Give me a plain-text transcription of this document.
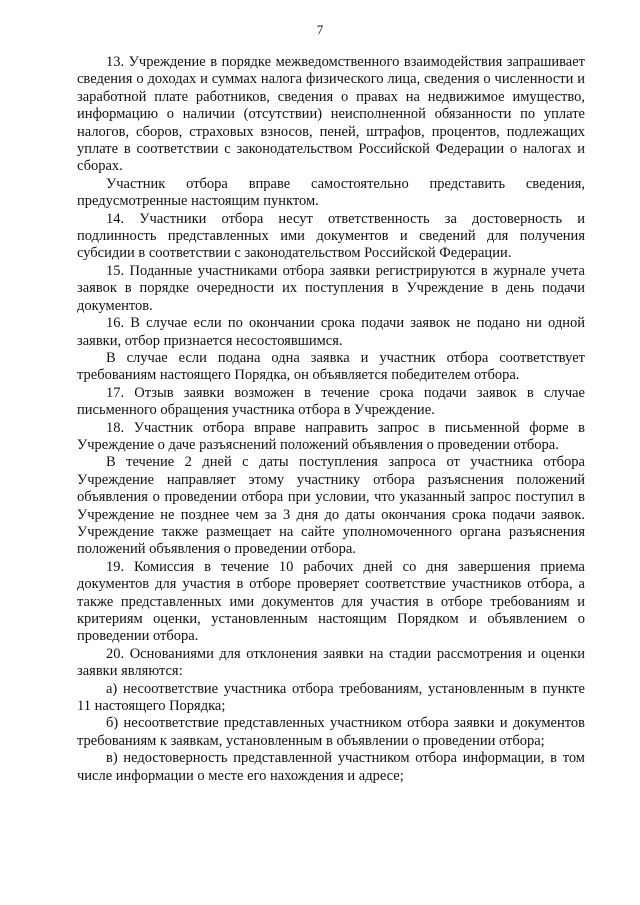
7

13. Учреждение в порядке межведомственного взаимодействия запрашивает сведения о доходах и суммах налога физического лица, сведения о численности и заработной плате работников, сведения о правах на недвижимое имущество, информацию о наличии (отсутствии) неисполненной обязанности по уплате налогов, сборов, страховых взносов, пеней, штрафов, процентов, подлежащих уплате в соответствии с законодательством Российской Федерации о налогах и сборах.

Участник отбора вправе самостоятельно представить сведения, предусмотренные настоящим пунктом.

14. Участники отбора несут ответственность за достоверность и подлинность представленных ими документов и сведений для получения субсидии в соответствии с законодательством Российской Федерации.

15. Поданные участниками отбора заявки регистрируются в журнале учета заявок в порядке очередности их поступления в Учреждение в день подачи документов.

16. В случае если по окончании срока подачи заявок не подано ни одной заявки, отбор признается несостоявшимся.

В случае если подана одна заявка и участник отбора соответствует требованиям настоящего Порядка, он объявляется победителем отбора.

17. Отзыв заявки возможен в течение срока подачи заявок в случае письменного обращения участника отбора в Учреждение.

18. Участник отбора вправе направить запрос в письменной форме в Учреждение о даче разъяснений положений объявления о проведении отбора.

В течение 2 дней с даты поступления запроса от участника отбора Учреждение направляет этому участнику отбора разъяснения положений объявления о проведении отбора при условии, что указанный запрос поступил в Учреждение не позднее чем за 3 дня до даты окончания срока подачи заявок. Учреждение также размещает на сайте уполномоченного органа разъяснения положений объявления о проведении отбора.

19. Комиссия в течение 10 рабочих дней со дня завершения приема документов для участия в отборе проверяет соответствие участников отбора, а также представленных ими документов для участия в отборе требованиям и критериям оценки, установленным настоящим Порядком и объявлением о проведении отбора.

20. Основаниями для отклонения заявки на стадии рассмотрения и оценки заявки являются:

а) несоответствие участника отбора требованиям, установленным в пункте 11 настоящего Порядка;

б) несоответствие представленных участником отбора заявки и документов требованиям к заявкам, установленным в объявлении о проведении отбора;

в) недостоверность представленной участником отбора информации, в том числе информации о месте его нахождения и адресе;
